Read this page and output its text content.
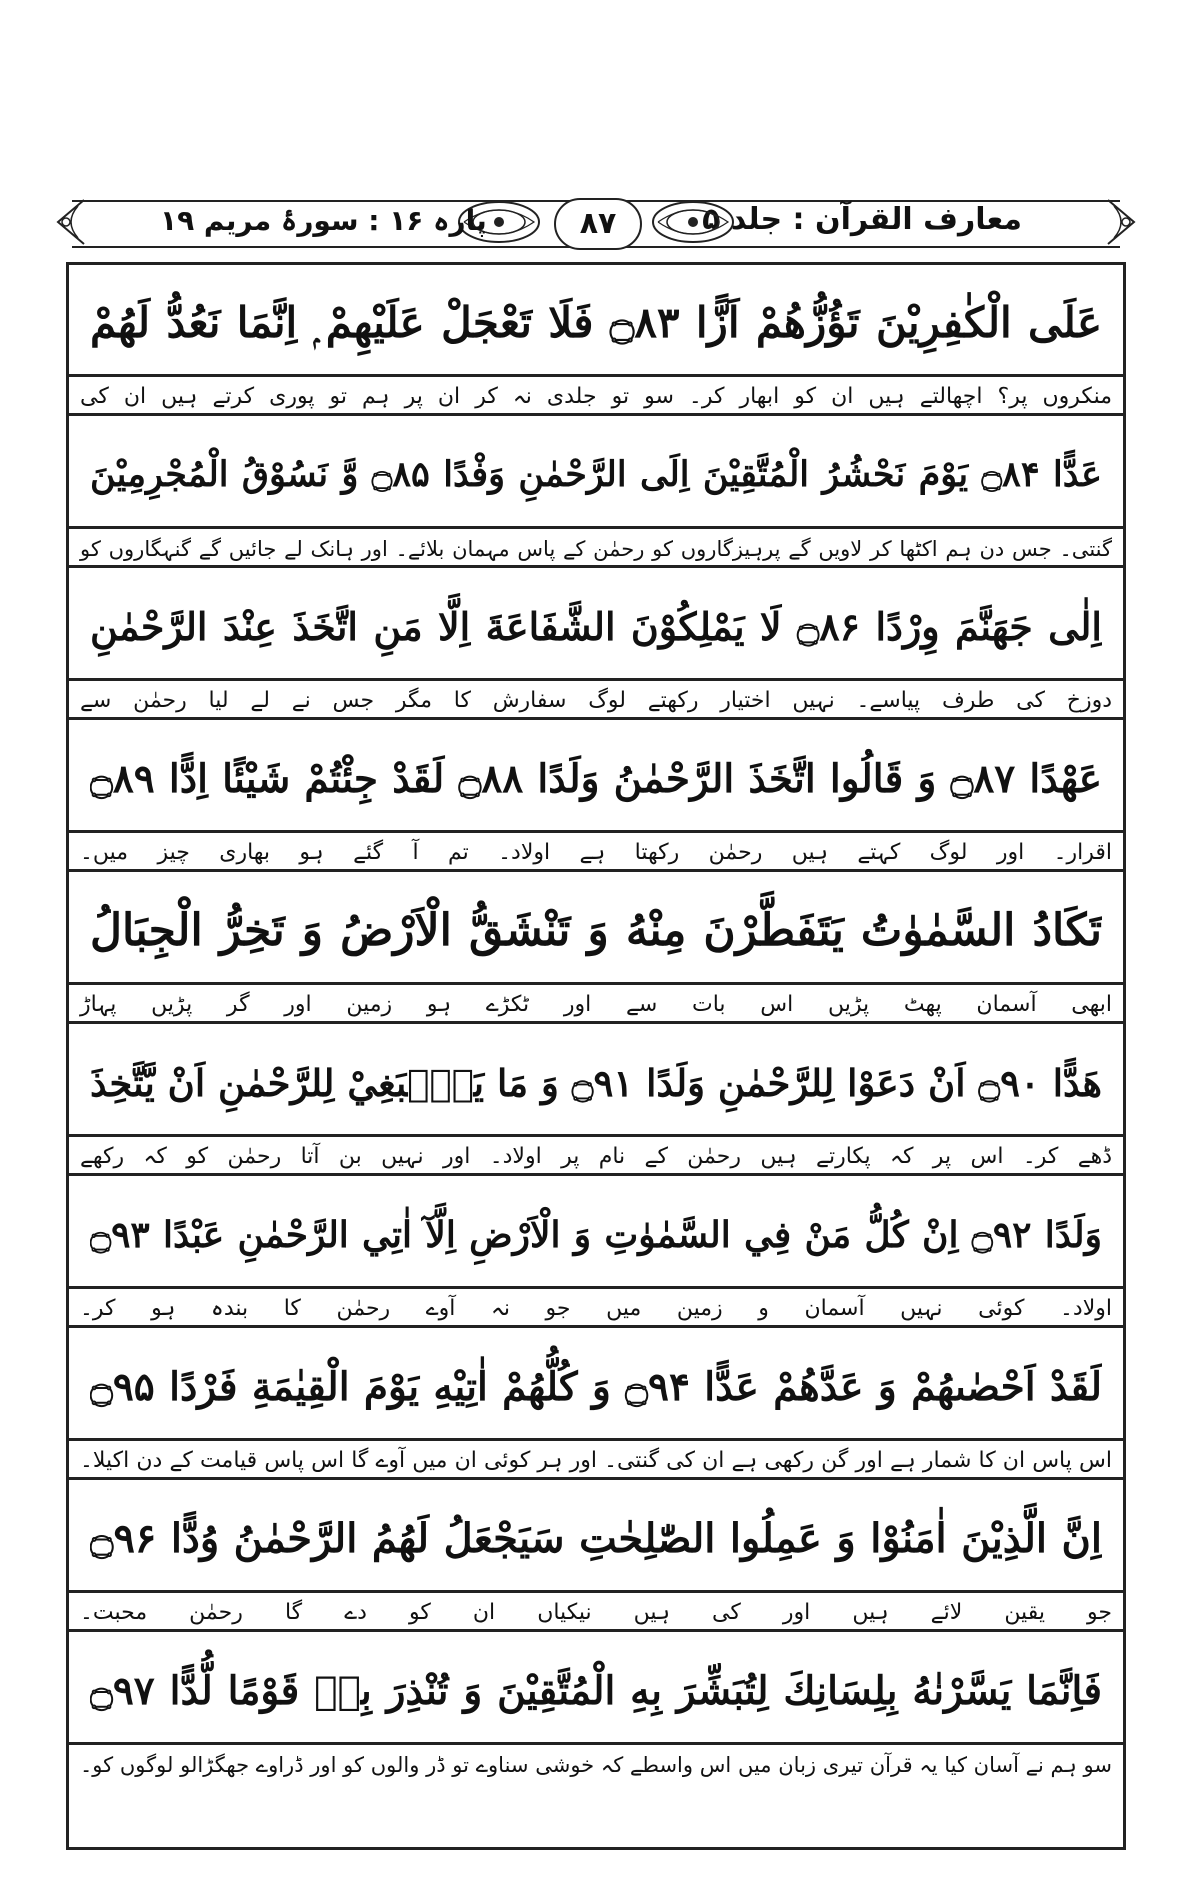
معارف القرآن : جلد ۵
۸۷
پارہ ۱۶ : سورۂ مریم ۱۹
عَلَى الْكٰفِرِيْنَ تَؤُزُّهُمْ اَزًّا ۝۸۳ فَلَا تَعْجَلْ عَلَيْهِمْ ۭ اِنَّمَا نَعُدُّ لَهُمْ
منکروں پر؟ اچھالتے ہیں ان کو ابھار کر۔ سو تو جلدی نہ کر ان پر ہم تو پوری کرتے ہیں ان کی
عَدًّا ۝۸۴ يَوْمَ نَحْشُرُ الْمُتَّقِيْنَ اِلَى الرَّحْمٰنِ وَفْدًا ۝۸۵ وَّ نَسُوْقُ الْمُجْرِمِيْنَ
گنتی۔ جس دن ہم اکٹھا کر لاویں گے پرہیزگاروں کو رحمٰن کے پاس مہمان بلائے۔ اور ہانک لے جائیں گے گنہگاروں کو
اِلٰى جَهَنَّمَ وِرْدًا ۝۸۶ لَا يَمْلِكُوْنَ الشَّفَاعَةَ اِلَّا مَنِ اتَّخَذَ عِنْدَ الرَّحْمٰنِ
دوزخ کی طرف پیاسے۔ نہیں اختیار رکھتے لوگ سفارش کا مگر جس نے لے لیا رحمٰن سے
عَهْدًا ۝۸۷ وَ قَالُوا اتَّخَذَ الرَّحْمٰنُ وَلَدًا ۝۸۸ لَقَدْ جِئْتُمْ شَيْئًا اِدًّا ۝۸۹
اقرار۔ اور لوگ کہتے ہیں رحمٰن رکھتا ہے اولاد۔ تم آ گئے ہو بھاری چیز میں۔
تَكَادُ السَّمٰوٰتُ يَتَفَطَّرْنَ مِنْهُ وَ تَنْشَقُّ الْاَرْضُ وَ تَخِرُّ الْجِبَالُ
ابھی آسمان پھٹ پڑیں اس بات سے اور ٹکڑے ہو زمین اور گر پڑیں پہاڑ
هَدًّا ۝۹۰ اَنْ دَعَوْا لِلرَّحْمٰنِ وَلَدًا ۝۹۱ وَ مَا يَنْۢبَغِيْ لِلرَّحْمٰنِ اَنْ يَّتَّخِذَ
ڈھے کر۔ اس پر کہ پکارتے ہیں رحمٰن کے نام پر اولاد۔ اور نہیں بن آتا رحمٰن کو کہ رکھے
وَلَدًا ۝۹۲ اِنْ كُلُّ مَنْ فِي السَّمٰوٰتِ وَ الْاَرْضِ اِلَّآ اٰتِي الرَّحْمٰنِ عَبْدًا ۝۹۳
اولاد۔ کوئی نہیں آسمان و زمین میں جو نہ آوے رحمٰن کا بندہ ہو کر۔
لَقَدْ اَحْصٰىهُمْ وَ عَدَّهُمْ عَدًّا ۝۹۴ وَ كُلُّهُمْ اٰتِيْهِ يَوْمَ الْقِيٰمَةِ فَرْدًا ۝۹۵
اس پاس ان کا شمار ہے اور گن رکھی ہے ان کی گنتی۔ اور ہر کوئی ان میں آوے گا اس پاس قیامت کے دن اکیلا۔
اِنَّ الَّذِيْنَ اٰمَنُوْا وَ عَمِلُوا الصّٰلِحٰتِ سَيَجْعَلُ لَهُمُ الرَّحْمٰنُ وُدًّا ۝۹۶
جو یقین لائے ہیں اور کی ہیں نیکیاں ان کو دے گا رحمٰن محبت۔
فَاِنَّمَا يَسَّرْنٰهُ بِلِسَانِكَ لِتُبَشِّرَ بِهِ الْمُتَّقِيْنَ وَ تُنْذِرَ بِهٖ قَوْمًا لُّدًّا ۝۹۷
سو ہم نے آسان کیا یہ قرآن تیری زبان میں اس واسطے کہ خوشی سناوے تو ڈر والوں کو اور ڈراوے جھگڑالو لوگوں کو۔
